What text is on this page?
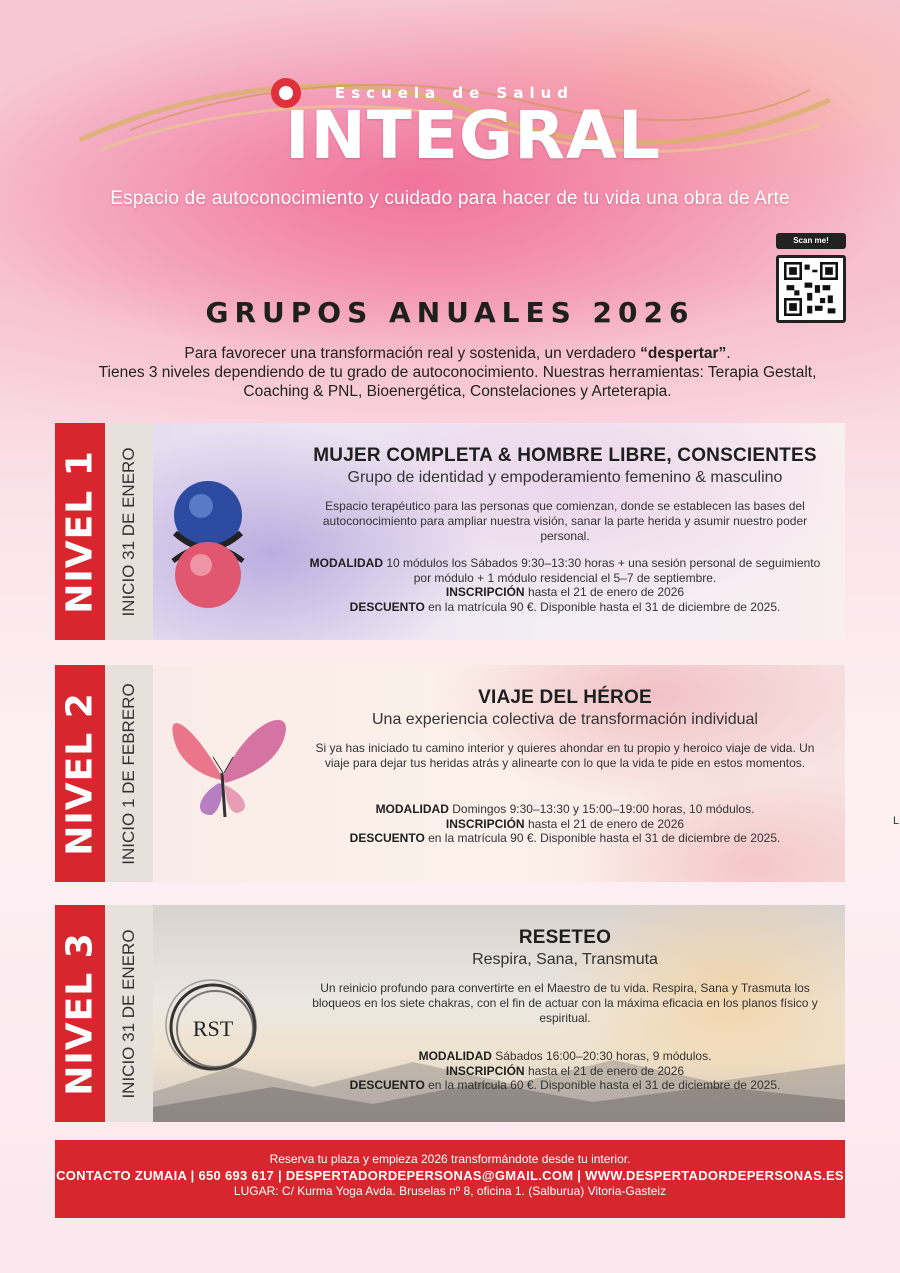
Escuela de Salud
INTEGRAL
Espacio de autoconocimiento y cuidado para hacer de tu vida una obra de Arte
Scan me!
GRUPOS ANUALES 2026
Para favorecer una transformación real y sostenida, un verdadero “despertar”.
Tienes 3 niveles dependiendo de tu grado de autoconocimiento. Nuestras herramientas: Terapia Gestalt, Coaching & PNL, Bioenergética, Constelaciones y Arteterapia.
NIVEL 1 INICIO 31 DE ENERO	MUJER COMPLETA & HOMBRE LIBRE, CONSCIENTES
Grupo de identidad y empoderamiento femenino & masculino
Espacio terapéutico para las personas que comienzan, donde se establecen las bases del autoconocimiento para ampliar nuestra visión, sanar la parte herida y asumir nuestro poder personal.
MODALIDAD 10 módulos los Sábados 9:30–13:30 horas + una sesión personal de seguimiento por módulo + 1 módulo residencial el 5–7 de septiembre.
INSCRIPCIÓN hasta el 21 de enero de 2026
DESCUENTO en la matrícula 90 €. Disponible hasta el 31 de diciembre de 2025.
NIVEL 2 INICIO 1 DE FEBRERO	VIAJE DEL HÉROE
Una experiencia colectiva de transformación individual
Si ya has iniciado tu camino interior y quieres ahondar en tu propio y heroico viaje de vida. Un viaje para dejar tus heridas atrás y alinearte con lo que la vida te pide en estos momentos.
MODALIDAD Domingos 9:30–13:30 y 15:00–19:00 horas, 10 módulos.
INSCRIPCIÓN hasta el 21 de enero de 2026
DESCUENTO en la matrícula 90 €. Disponible hasta el 31 de diciembre de 2025.
NIVEL 3 INICIO 31 DE ENERO RST
RESETEO
Respira, Sana, Transmuta
Un reinicio profundo para convertirte en el Maestro de tu vida. Respira, Sana y Trasmuta los bloqueos en los siete chakras, con el fin de actuar con la máxima eficacia en los planos físico y espiritual.
MODALIDAD Sábados 16:00–20:30 horas, 9 módulos.
INSCRIPCIÓN hasta el 21 de enero de 2026
DESCUENTO en la matrícula 60 €. Disponible hasta el 31 de diciembre de 2025.
L
Reserva tu plaza y empieza 2026 transformándote desde tu interior.
CONTACTO ZUMAIA | 650 693 617 | DESPERTADORDEPERSONAS@GMAIL.COM | WWW.DESPERTADORDEPERSONAS.ES
LUGAR: C/ Kurma Yoga Avda. Bruselas nº 8, oficina 1. (Salburua) Vitoria-Gasteiz
